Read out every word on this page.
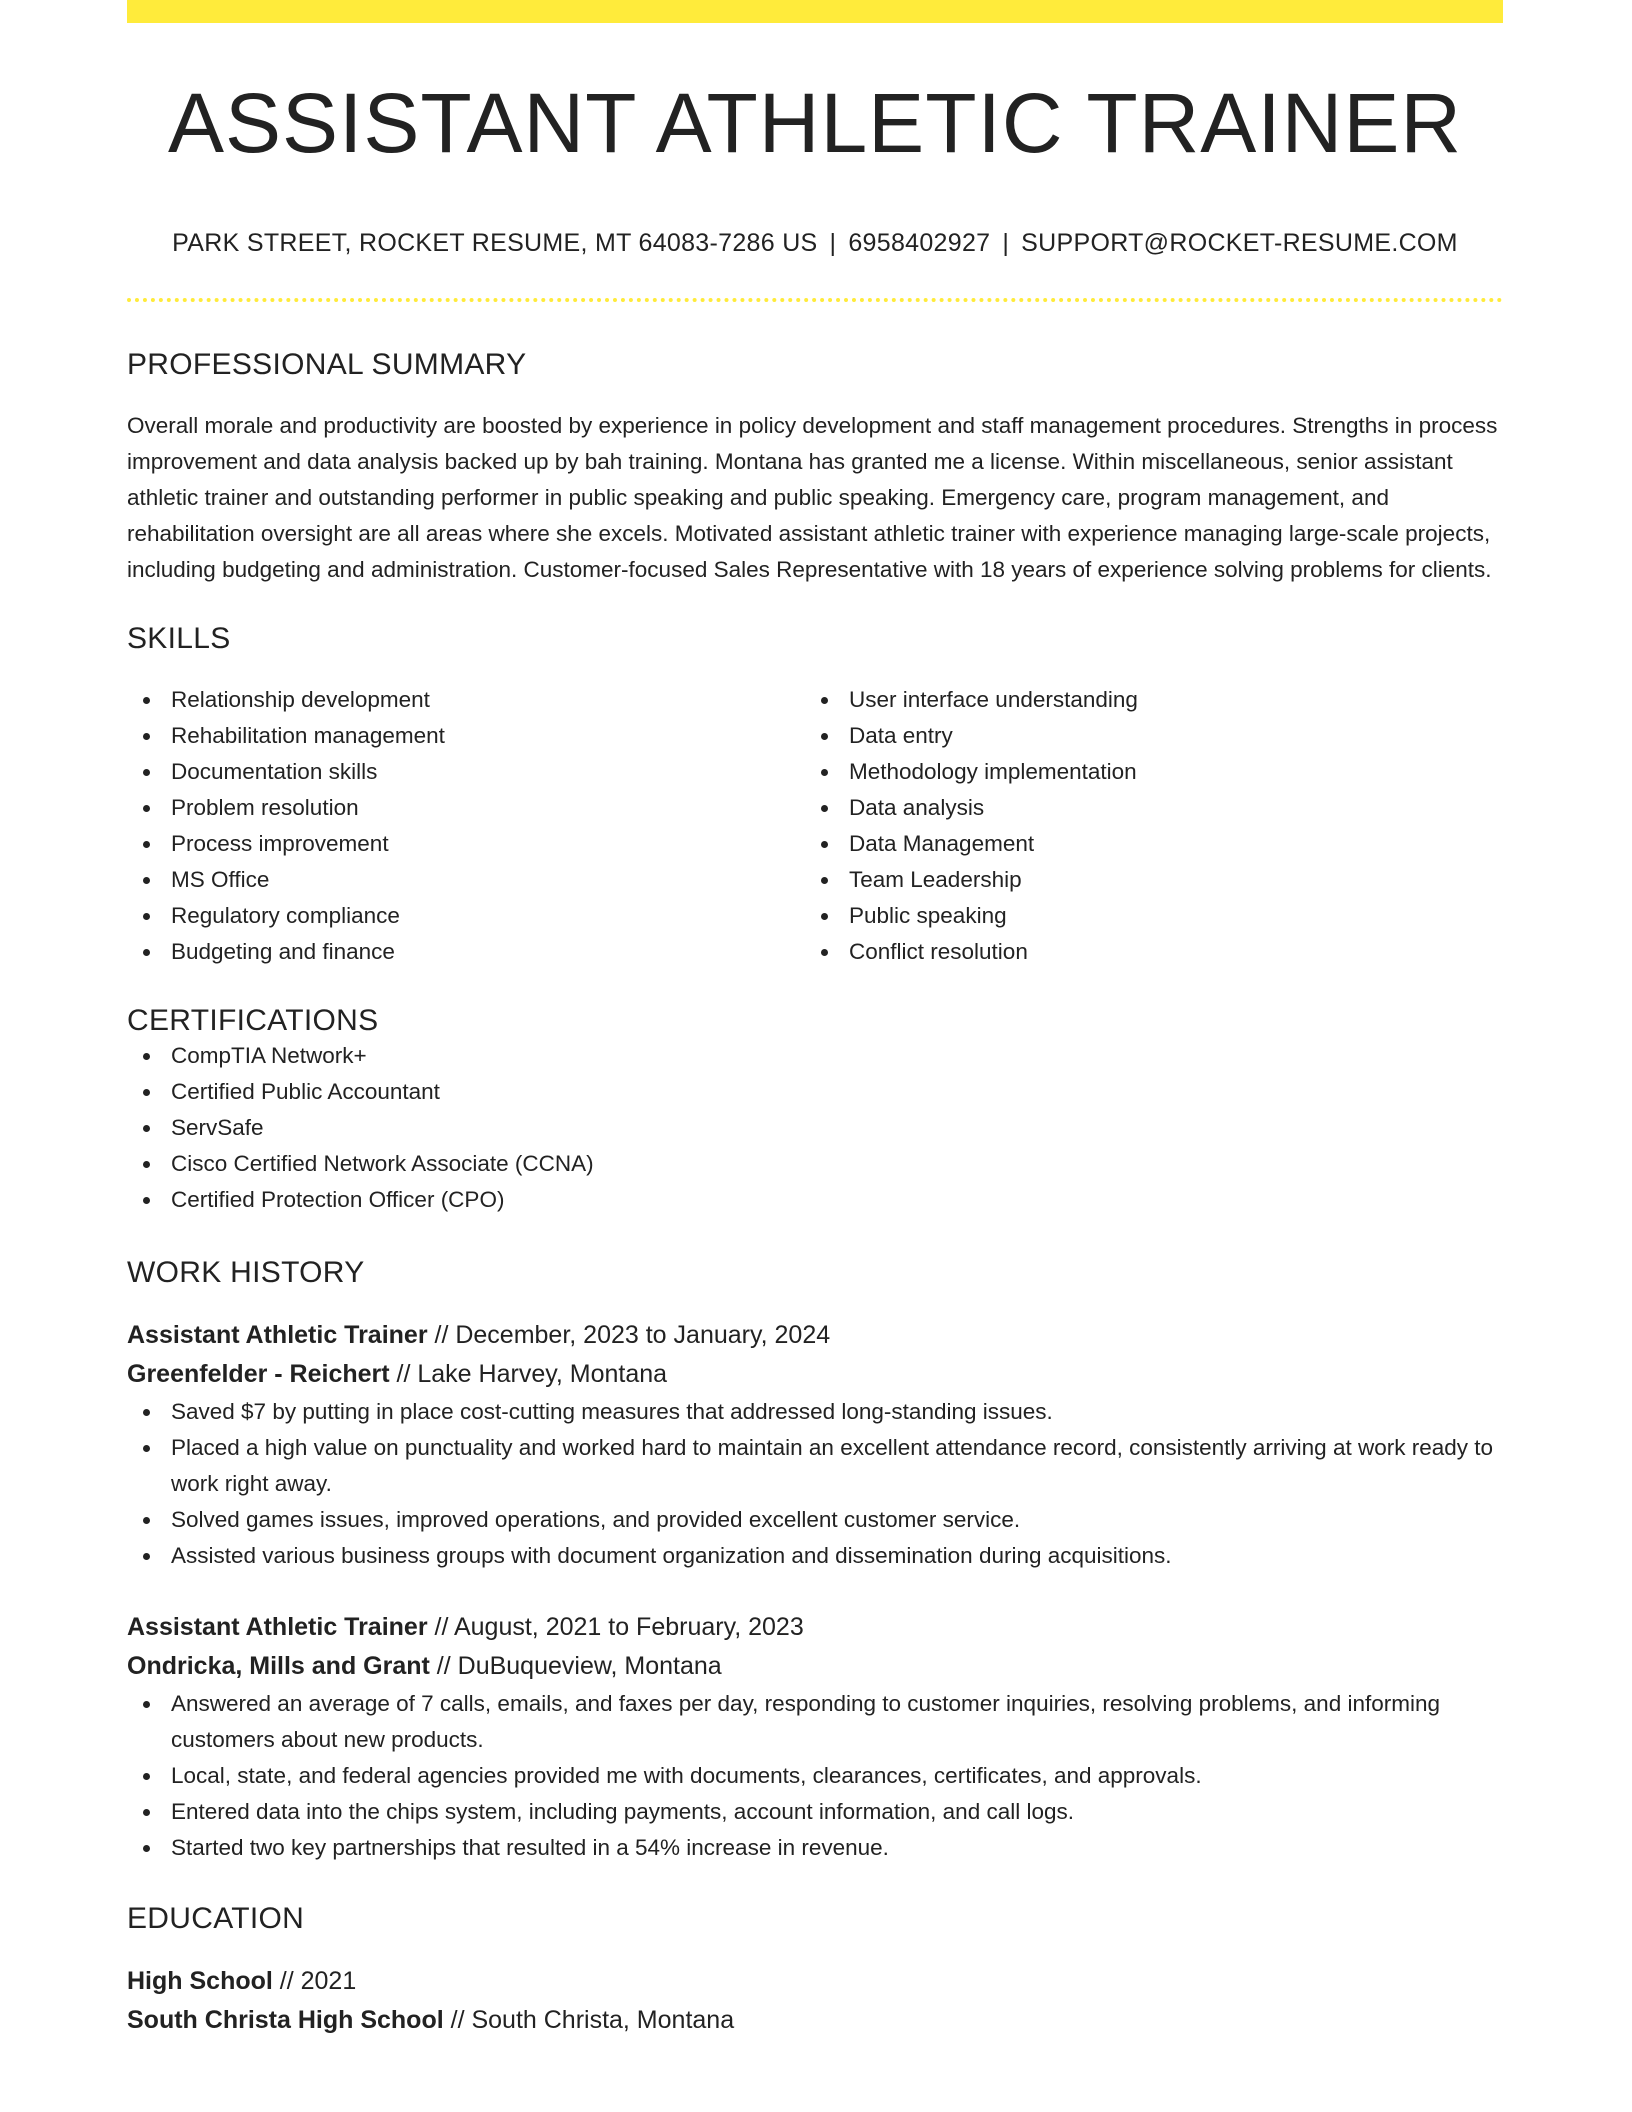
ASSISTANT ATHLETIC TRAINER
PARK STREET, ROCKET RESUME, MT 64083-7286 US | 6958402927 | SUPPORT@ROCKET-RESUME.COM
PROFESSIONAL SUMMARY
Overall morale and productivity are boosted by experience in policy development and staff management procedures. Strengths in process improvement and data analysis backed up by bah training. Montana has granted me a license. Within miscellaneous, senior assistant athletic trainer and outstanding performer in public speaking and public speaking. Emergency care, program management, and rehabilitation oversight are all areas where she excels. Motivated assistant athletic trainer with experience managing large-scale projects, including budgeting and administration. Customer-focused Sales Representative with 18 years of experience solving problems for clients.
SKILLS
Relationship development
Rehabilitation management
Documentation skills
Problem resolution
Process improvement
MS Office
Regulatory compliance
Budgeting and finance
User interface understanding
Data entry
Methodology implementation
Data analysis
Data Management
Team Leadership
Public speaking
Conflict resolution
CERTIFICATIONS
CompTIA Network+
Certified Public Accountant
ServSafe
Cisco Certified Network Associate (CCNA)
Certified Protection Officer (CPO)
WORK HISTORY
Assistant Athletic Trainer // December, 2023 to January, 2024
Greenfelder - Reichert // Lake Harvey, Montana
Saved $7 by putting in place cost-cutting measures that addressed long-standing issues.
Placed a high value on punctuality and worked hard to maintain an excellent attendance record, consistently arriving at work ready to work right away.
Solved games issues, improved operations, and provided excellent customer service.
Assisted various business groups with document organization and dissemination during acquisitions.
Assistant Athletic Trainer // August, 2021 to February, 2023
Ondricka, Mills and Grant // DuBuqueview, Montana
Answered an average of 7 calls, emails, and faxes per day, responding to customer inquiries, resolving problems, and informing customers about new products.
Local, state, and federal agencies provided me with documents, clearances, certificates, and approvals.
Entered data into the chips system, including payments, account information, and call logs.
Started two key partnerships that resulted in a 54% increase in revenue.
EDUCATION
High School // 2021
South Christa High School // South Christa, Montana
